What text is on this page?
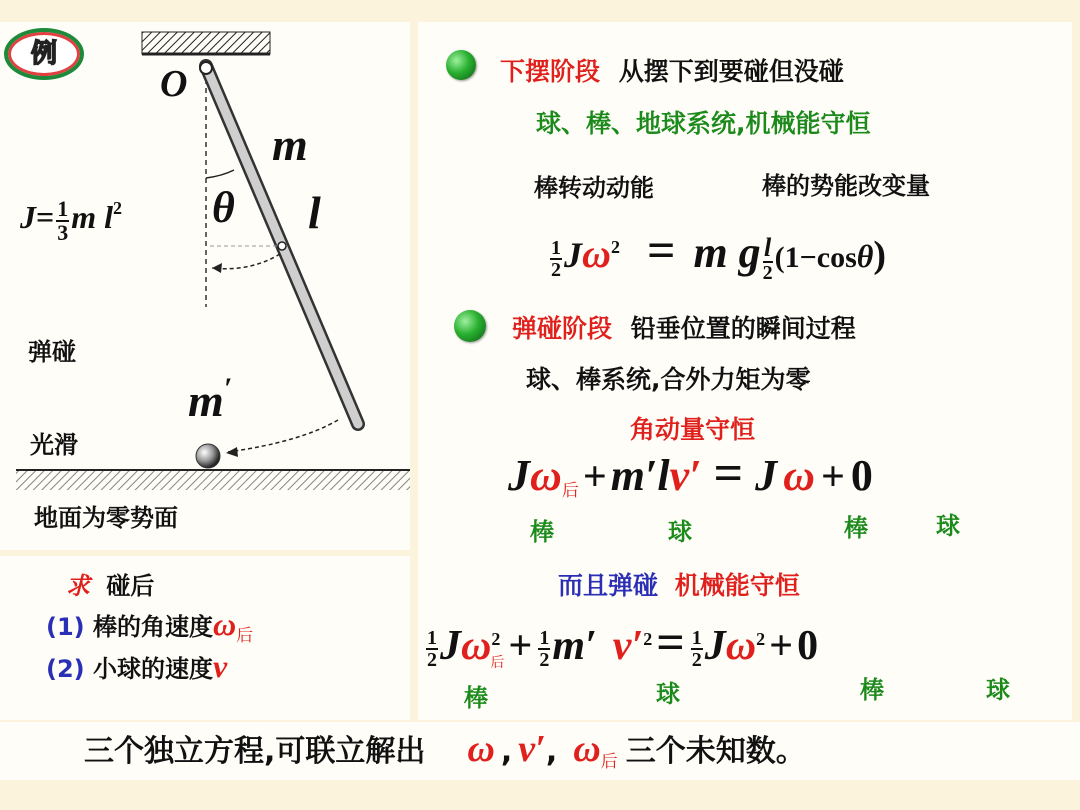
例
O
m
l
θ
$J= \frac{1}{3}$ m $l^2$
弹碰
m′
光滑
地面为零势面
求 碰后
(1) 棒的角速度$\omega_后$
(2) 小球的速度v
下摆阶段 从摆下到要碰但没碰
球、棒、地球系统,机械能守恒
棒转动动能	棒的势能改变量
$\frac{1}{2} J\omega^2 = m$ g $\frac{l}{2} (1-\cos\theta)$
弹碰阶段 铅垂位置的瞬间过程
球、棒系统,合外力矩为零
角动量守恒
$J\omega_后+m'lv' = J$ ω + 0
棒	球	棒	球
而且弹碰 机械能守恒
$\frac{1}{2} J\omega^2$后+ $\frac{1}{2} m'$ $v'^2= \frac{1}{2} J\omega^2+0$
棒	球	棒	球
三个独立方程,可联立解出 ω , v′, $\omega_后$ 三个未知数。
